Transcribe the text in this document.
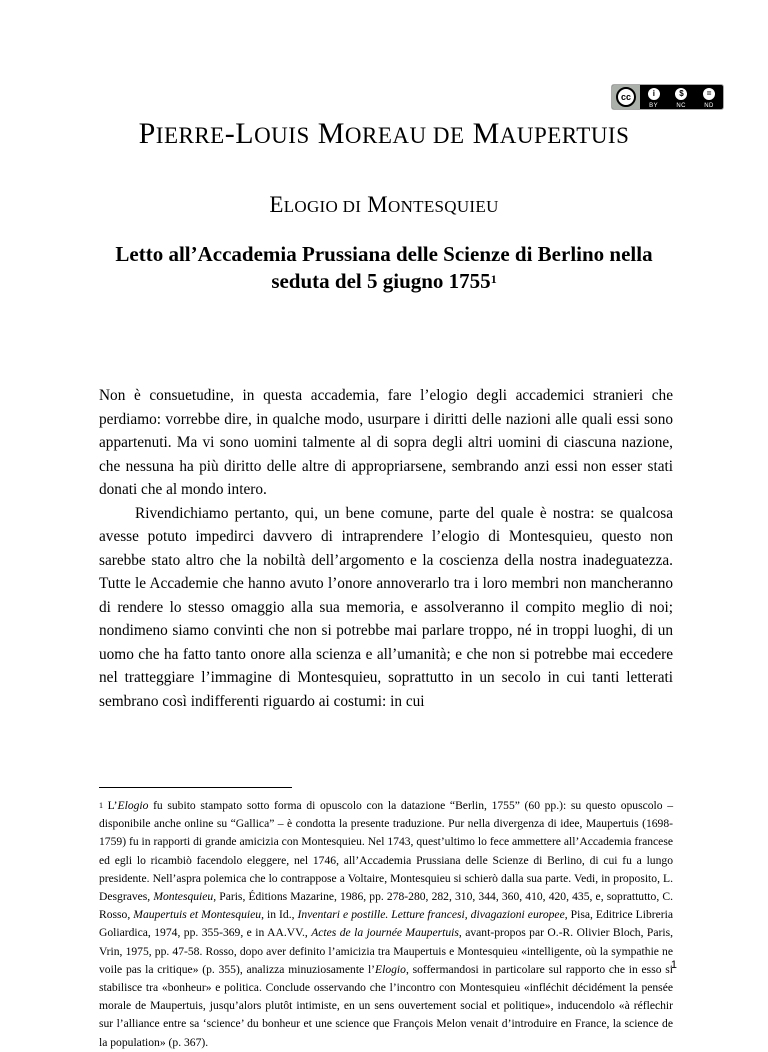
cc	i	$	=
BY	NC	ND
PIERRE-LOUIS MOREAU DE MAUPERTUIS
ELOGIO DI MONTESQUIEU
Letto all’Accademia Prussiana delle Scienze di Berlino nella seduta del 5 giugno 1755$^1$

Non è consuetudine, in questa accademia, fare l’elogio degli accademici stranieri che perdiamo: vorrebbe dire, in qualche modo, usurpare i diritti delle nazioni alle quali essi sono appartenuti. Ma vi sono uomini talmente al di sopra degli altri uomini di ciascuna nazione, che nessuna ha più diritto delle altre di appropriarsene, sembrando anzi essi non esser stati donati che al mondo intero.

Rivendichiamo pertanto, qui, un bene comune, parte del quale è nostra: se qualcosa avesse potuto impedirci davvero di intraprendere l’elogio di Montesquieu, questo non sarebbe stato altro che la nobiltà dell’argomento e la coscienza della nostra inadeguatezza. Tutte le Accademie che hanno avuto l’onore annoverarlo tra i loro membri non mancheranno di rendere lo stesso omaggio alla sua memoria, e assolveranno il compito meglio di noi; nondimeno siamo convinti che non si potrebbe mai parlare troppo, né in troppi luoghi, di un uomo che ha fatto tanto onore alla scienza e all’umanità; e che non si potrebbe mai eccedere nel tratteggiare l’immagine di Montesquieu, soprattutto in un secolo in cui tanti letterati sembrano così indifferenti riguardo ai costumi: in cui

$^1$ L’Elogio fu subito stampato sotto forma di opuscolo con la datazione “Berlin, 1755” (60 pp.): su questo opuscolo – disponibile anche online su “Gallica” – è condotta la presente traduzione. Pur nella divergenza di idee, Maupertuis (1698-1759) fu in rapporti di grande amicizia con Montesquieu. Nel 1743, quest’ultimo lo fece ammettere all’Accademia francese ed egli lo ricambiò facendolo eleggere, nel 1746, all’Accademia Prussiana delle Scienze di Berlino, di cui fu a lungo presidente. Nell’aspra polemica che lo contrappose a Voltaire, Montesquieu si schierò dalla sua parte. Vedi, in proposito, L. Desgraves, Montesquieu, Paris, Éditions Mazarine, 1986, pp. 278-280, 282, 310, 344, 360, 410, 420, 435, e, soprattutto, C. Rosso, Maupertuis et Montesquieu, in Id., Inventari e postille. Letture francesi, divagazioni europee, Pisa, Editrice Libreria Goliardica, 1974, pp. 355-369, e in AA.VV., Actes de la journée Maupertuis, avant-propos par O.-R. Olivier Bloch, Paris, Vrin, 1975, pp. 47-58. Rosso, dopo aver definito l’amicizia tra Maupertuis e Montesquieu «intelligente, où la sympathie ne voile pas la critique» (p. 355), analizza minuziosamente l’Elogio, soffermandosi in particolare sul rapporto che in esso si stabilisce tra «bonheur» e politica. Conclude osservando che l’incontro con Montesquieu «infléchit décidément la pensée morale de Maupertuis, jusqu’alors plutôt intimiste, en un sens ouvertement social et politique», inducendolo «à réflechir sur l’alliance entre sa ‘science’ du bonheur et une science que François Melon venait d’introduire en France, la science de la population» (p. 367).
1
